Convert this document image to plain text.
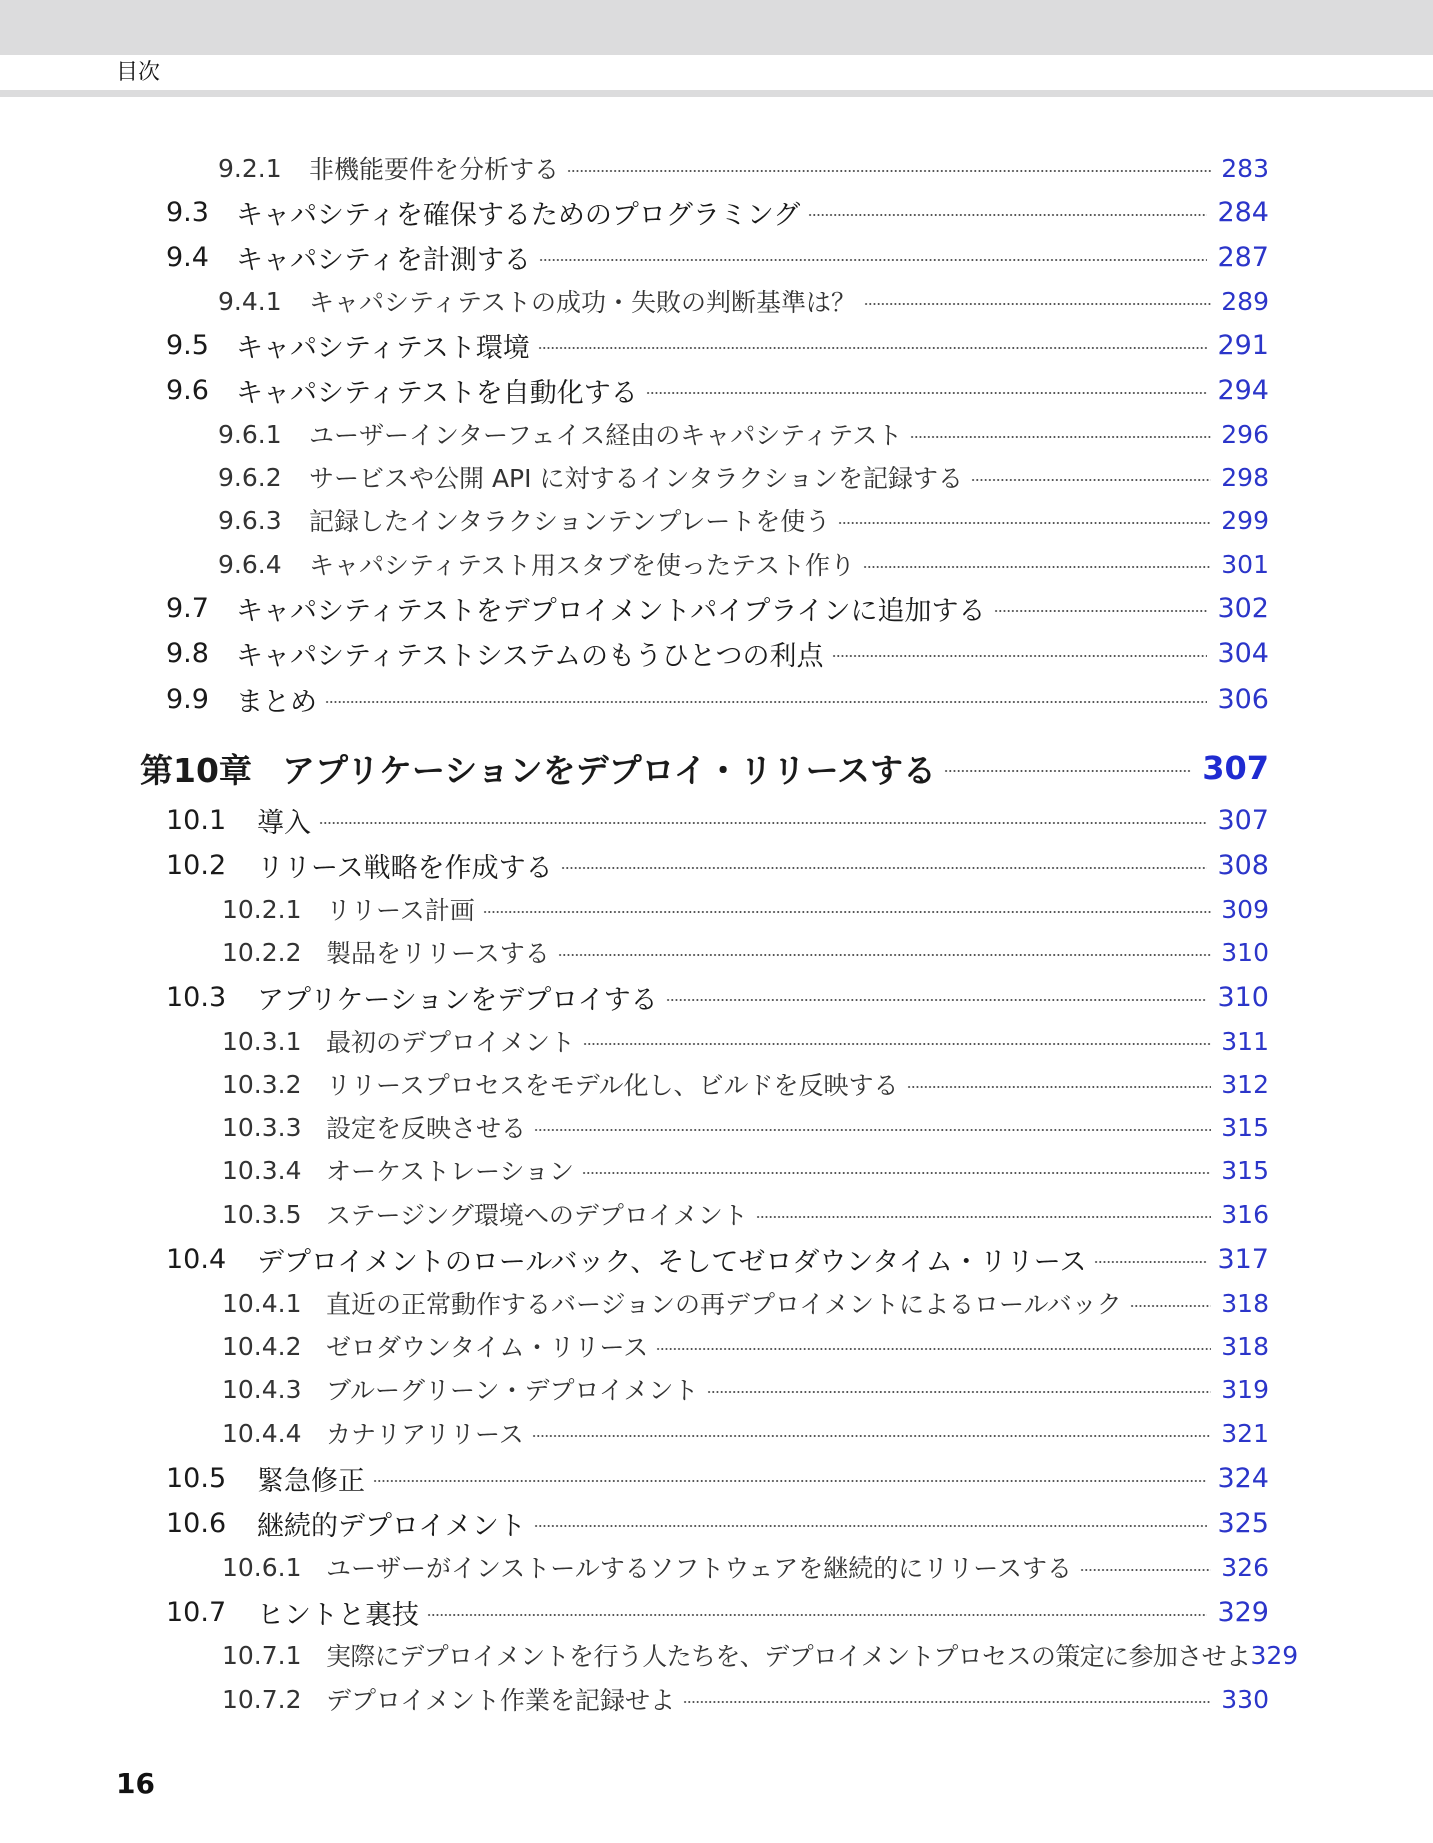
目次
9.2.1	非機能要件を分析する	283
9.3	キャパシティを確保するためのプログラミング	284
9.4	キャパシティを計測する	287
9.4.1	キャパシティテストの成功・失敗の判断基準は？	289
9.5	キャパシティテスト環境	291
9.6	キャパシティテストを自動化する	294
9.6.1	ユーザーインターフェイス経由のキャパシティテスト	296
9.6.2	サービスや公開 API に対するインタラクションを記録する	298
9.6.3	記録したインタラクションテンプレートを使う	299
9.6.4	キャパシティテスト用スタブを使ったテスト作り	301
9.7	キャパシティテストをデプロイメントパイプラインに追加する	302
9.8	キャパシティテストシステムのもうひとつの利点	304
9.9	まとめ	306
第10章 アプリケーションをデプロイ・リリースする	307
10.1	導入	307
10.2	リリース戦略を作成する	308
10.2.1 リリース計画	309
10.2.2 製品をリリースする	310
10.3	アプリケーションをデプロイする	310
10.3.1 最初のデプロイメント	311
10.3.2 リリースプロセスをモデル化し、ビルドを反映する	312
10.3.3 設定を反映させる	315
10.3.4 オーケストレーション	315
10.3.5 ステージング環境へのデプロイメント	316
10.4	デプロイメントのロールバック、そしてゼロダウンタイム・リリース	317
10.4.1 直近の正常動作するバージョンの再デプロイメントによるロールバック	318
10.4.2 ゼロダウンタイム・リリース	318
10.4.3 ブルーグリーン・デプロイメント	319
10.4.4 カナリアリリース	321
10.5	緊急修正	324
10.6	継続的デプロイメント	325
10.6.1 ユーザーがインストールするソフトウェアを継続的にリリースする	326
10.7	ヒントと裏技	329
10.7.1 実際にデプロイメントを行う人たちを、デプロイメントプロセスの策定に参加させよ 329
10.7.2 デプロイメント作業を記録せよ	330
16
